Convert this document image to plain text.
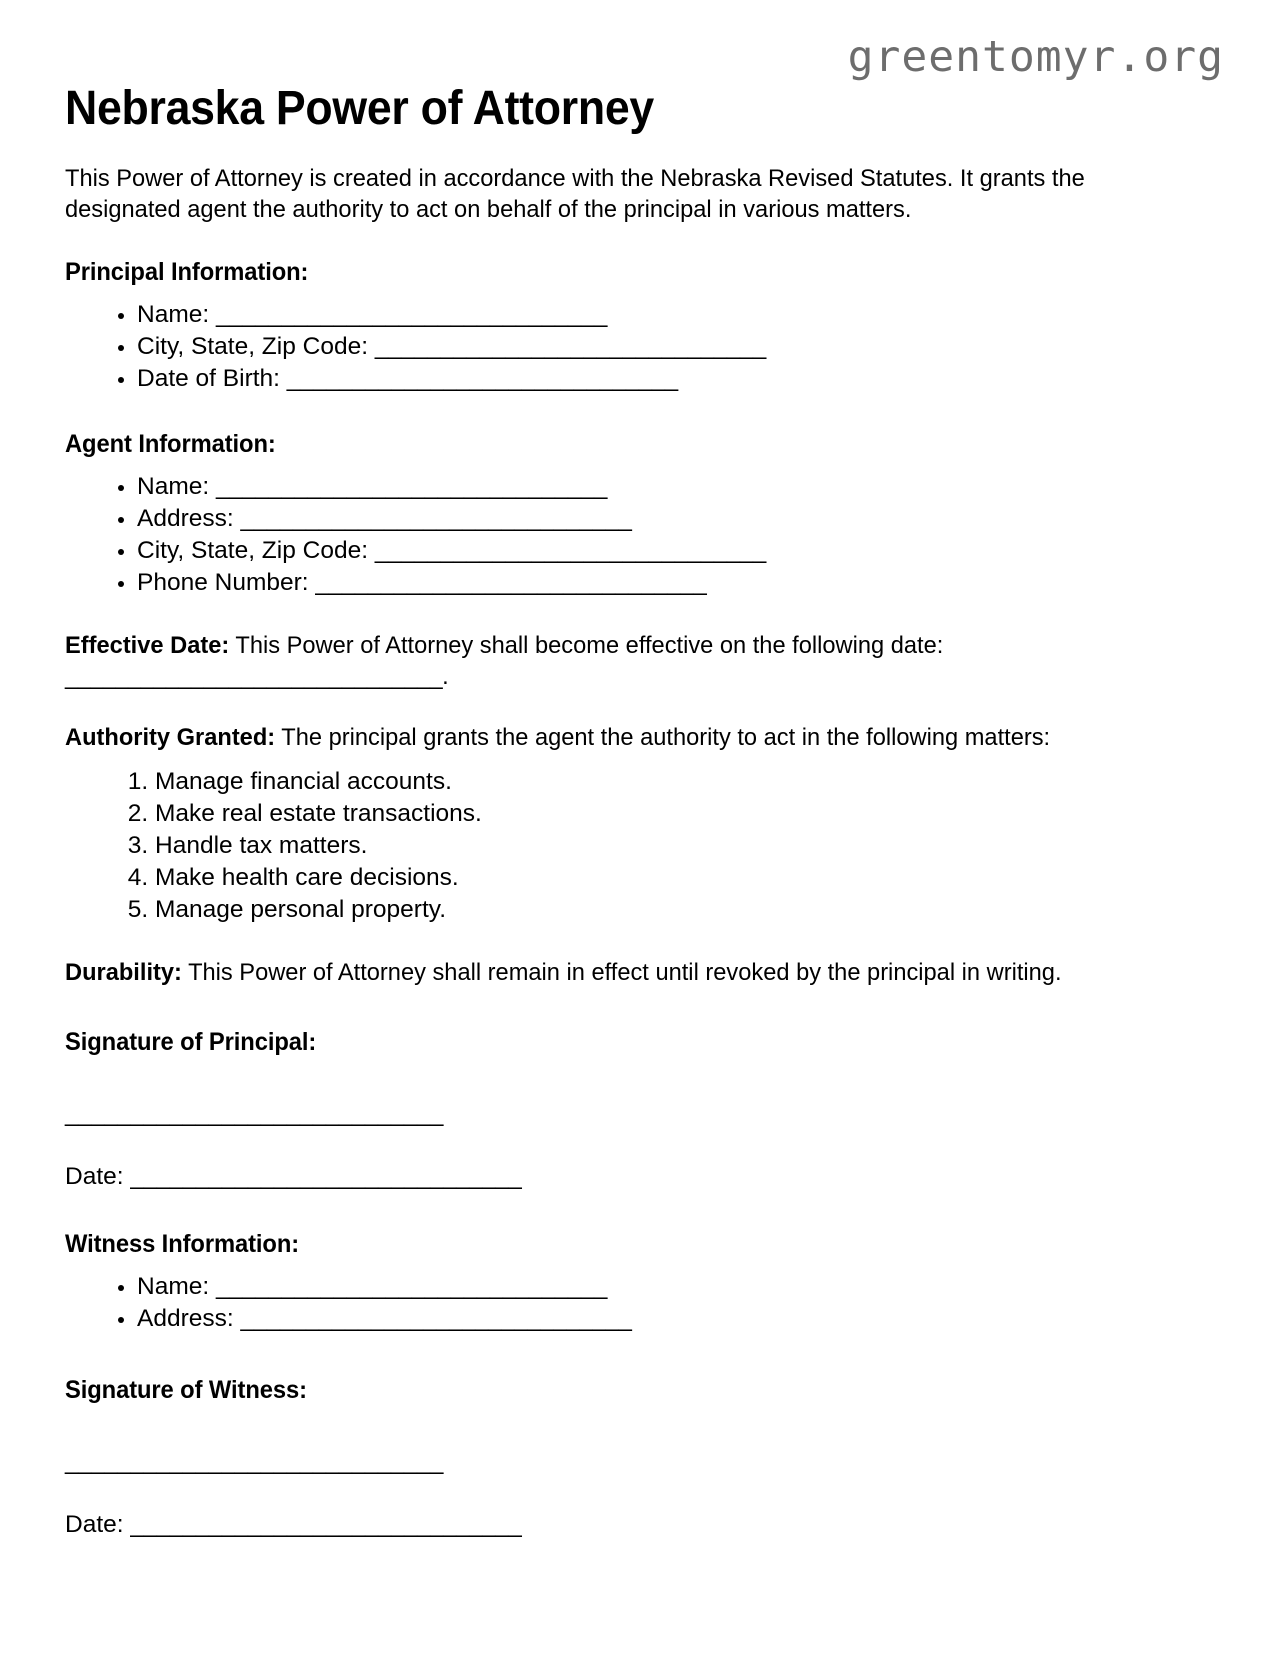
greentomyr.org
Nebraska Power of Attorney

This Power of Attorney is created in accordance with the Nebraska Revised Statutes. It grants the designated agent the authority to act on behalf of the principal in various matters.

Principal Information:
• Name: ______________________________
• City, State, Zip Code: ______________________________
• Date of Birth: ______________________________
Agent Information:
• Name: ______________________________
• Address: ______________________________
• City, State, Zip Code: ______________________________
• Phone Number: ______________________________

Effective Date: This Power of Attorney shall become effective on the following date: ______________________________.

Authority Granted: The principal grants the agent the authority to act in the following matters:

1. Manage financial accounts.
2. Make real estate transactions.
3. Handle tax matters.
4. Make health care decisions.
5. Manage personal property.

Durability: This Power of Attorney shall remain in effect until revoked by the principal in writing.

Signature of Principal:

_____________________________

Date: ______________________________

Witness Information:
• Name: ______________________________
• Address: ______________________________
Signature of Witness:

_____________________________

Date: ______________________________
